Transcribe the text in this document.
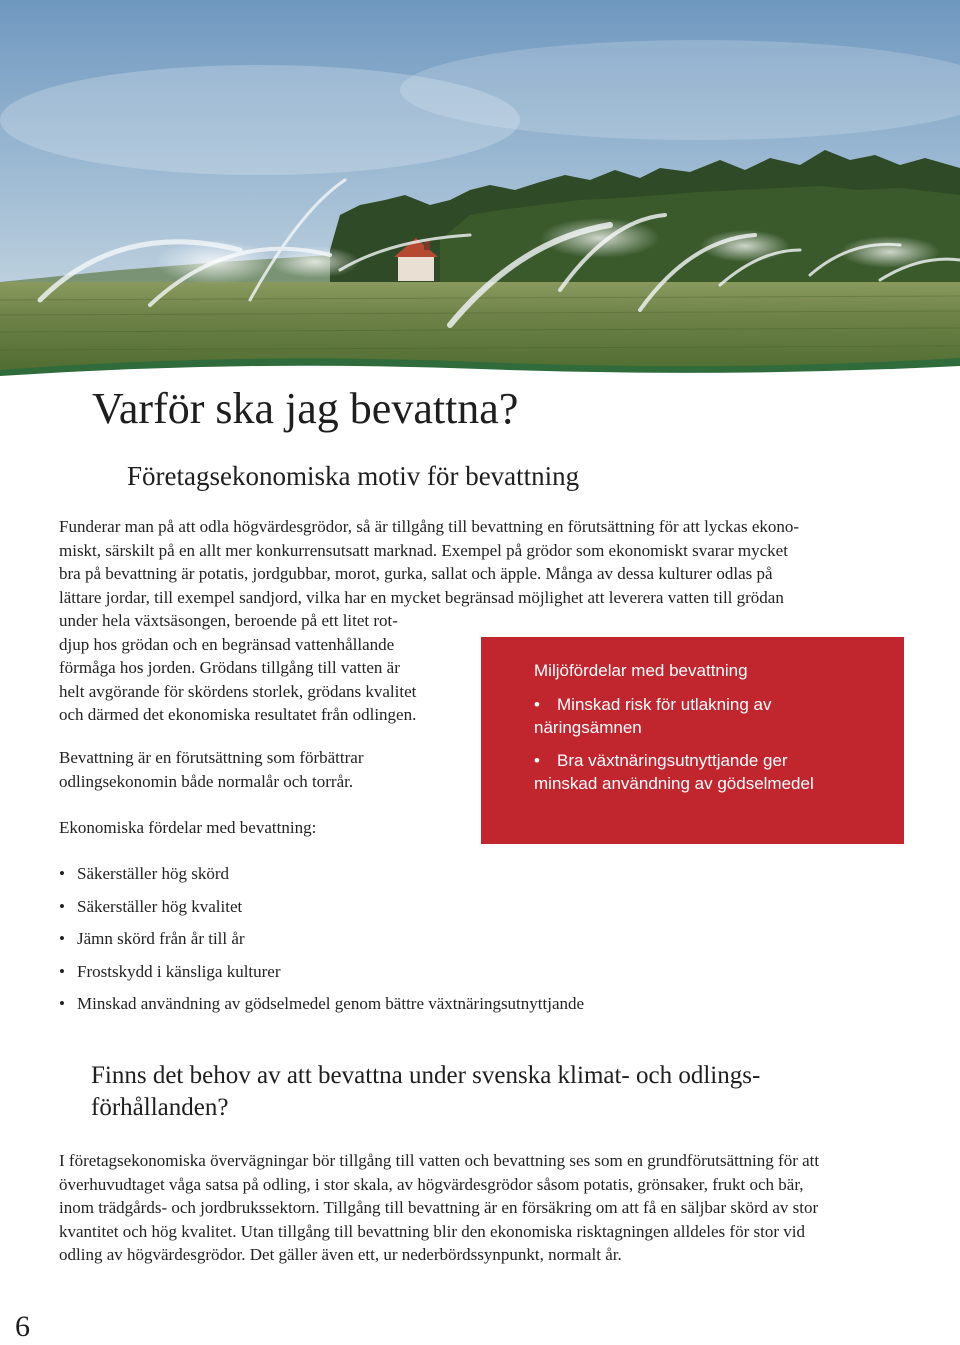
Varför ska jag bevattna?
Företagsekonomiska motiv för bevattning
Funderar man på att odla högvärdesgrödor, så är tillgång till bevattning en förutsättning för att lyckas ekono-
miskt, särskilt på en allt mer konkurrensutsatt marknad. Exempel på grödor som ekonomiskt svarar mycket
bra på bevattning är potatis, jordgubbar, morot, gurka, sallat och äpple. Många av dessa kulturer odlas på
lättare jordar, till exempel sandjord, vilka har en mycket begränsad möjlighet att leverera vatten till grödan
under hela växtsäsongen, beroende på ett litet rot-
djup hos grödan och en begränsad vattenhållande
förmåga hos jorden. Grödans tillgång till vatten är
helt avgörande för skördens storlek, grödans kvalitet
och därmed det ekonomiska resultatet från odlingen.
Bevattning är en förutsättning som förbättrar
odlingsekonomin både normalår och torrår.

Miljöfördelar med bevattning

•	Minskad risk för utlakning av
näringsämnen
•	Bra växtnäringsutnyttjande ger
minskad användning av gödselmedel

Ekonomiska fördelar med bevattning:

• Säkerställer hög skörd
• Säkerställer hög kvalitet
• Jämn skörd från år till år
• Frostskydd i känsliga kulturer
• Minskad användning av gödselmedel genom bättre växtnäringsutnyttjande
Finns det behov av att bevattna under svenska klimat- och odlings-
förhållanden?
I företagsekonomiska övervägningar bör tillgång till vatten och bevattning ses som en grundförutsättning för att
överhuvudtaget våga satsa på odling, i stor skala, av högvärdesgrödor såsom potatis, grönsaker, frukt och bär,
inom trädgårds- och jordbrukssektorn. Tillgång till bevattning är en försäkring om att få en säljbar skörd av stor
kvantitet och hög kvalitet. Utan tillgång till bevattning blir den ekonomiska risktagningen alldeles för stor vid
odling av högvärdesgrödor. Det gäller även ett, ur nederbördssynpunkt, normalt år.

6
